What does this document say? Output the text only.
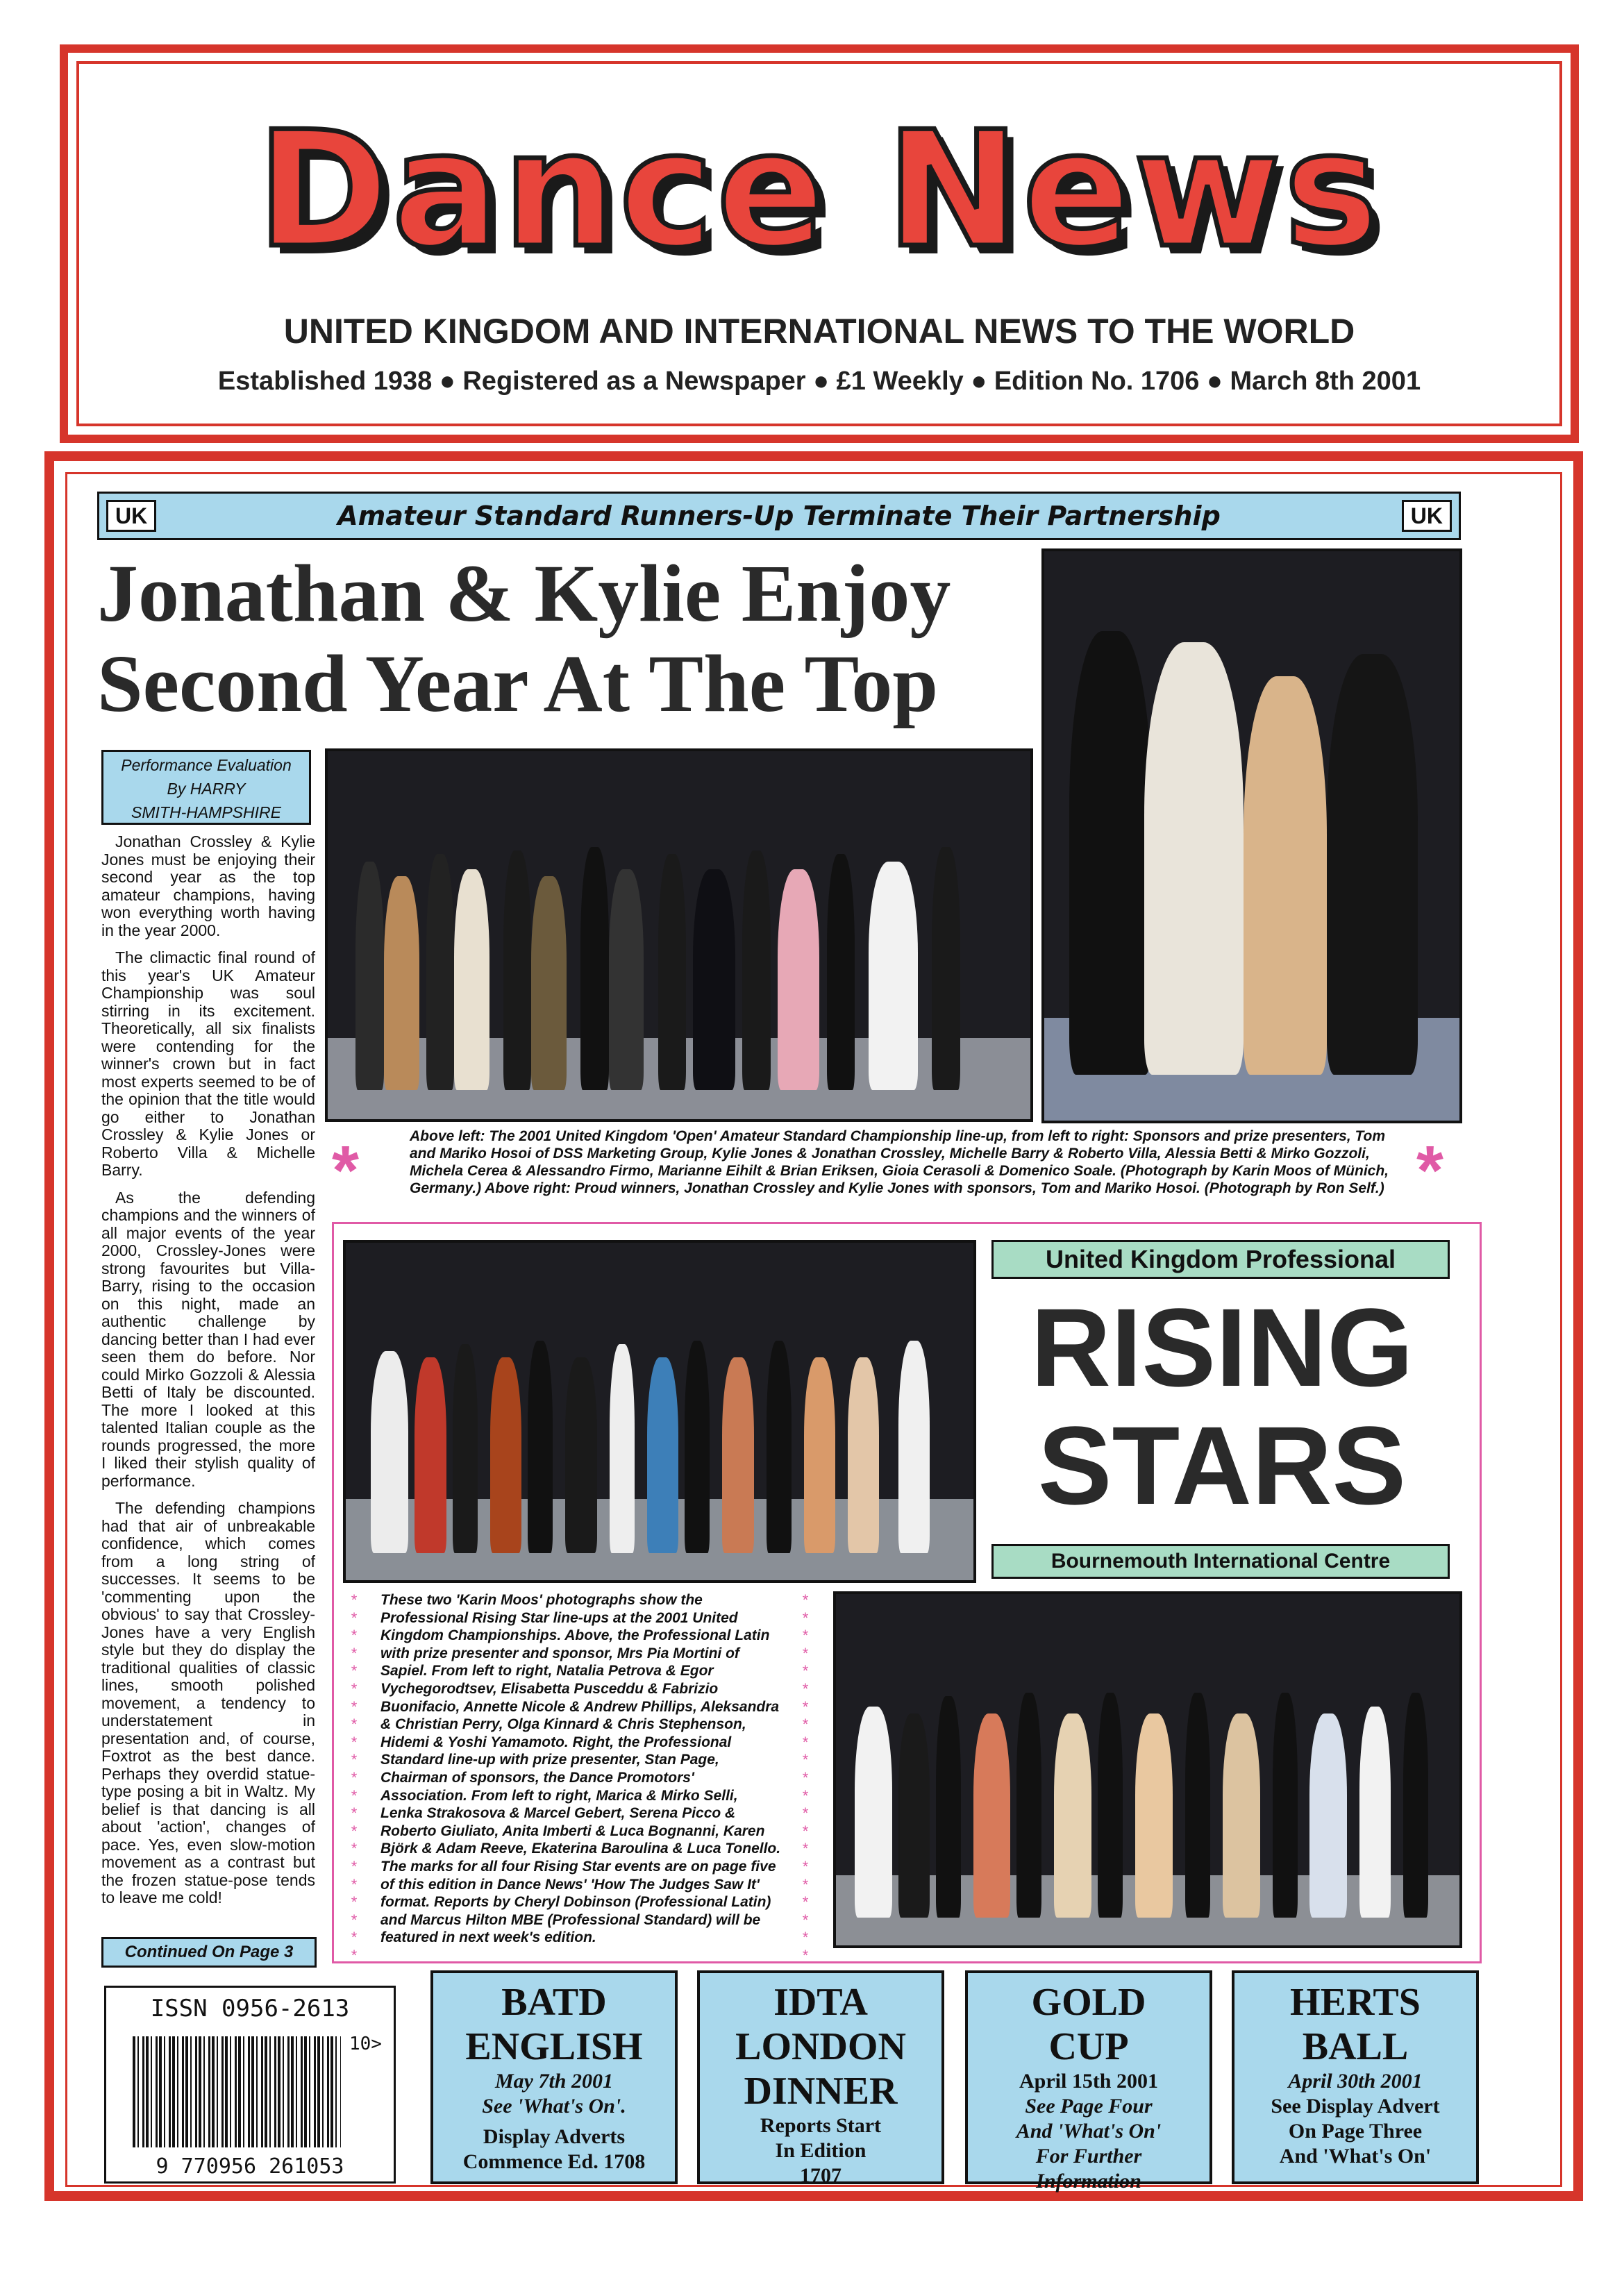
Dance News
UNITED KINGDOM AND INTERNATIONAL NEWS TO THE WORLD
Established 1938 ● Registered as a Newspaper ● £1 Weekly ● Edition No. 1706 ● March 8th 2001
UK	Amateur Standard Runners-Up Terminate Their Partnership	UK
Jonathan & Kylie Enjoy
Second Year At The Top
Performance Evaluation
By HARRY
SMITH-HAMPSHIRE

Jonathan Crossley & Kylie Jones must be enjoying their second year as the top amateur champions, having won everything worth having in the year 2000.

The climactic final round of this year's UK Amateur Championship was soul stirring in its excitement. Theoretically, all six finalists were contending for the winner's crown but in fact most experts seemed to be of the opinion that the title would go either to Jonathan Crossley & Kylie Jones or Roberto Villa & Michelle Barry.

As the defending champions and the winners of all major events of the year 2000, Crossley-Jones were strong favourites but Villa-Barry, rising to the occasion on this night, made an authentic challenge by dancing better than I had ever seen them do before. Nor could Mirko Gozzoli & Alessia Betti of Italy be discounted. The more I looked at this talented Italian couple as the rounds progressed, the more I liked their stylish quality of performance.

The defending champions had that air of unbreakable confidence, which comes from a long string of successes. It seems to be 'commenting upon the obvious' to say that Crossley-Jones have a very English style but they do display the traditional qualities of classic lines, smooth polished movement, a tendency to understatement in presentation and, of course, Foxtrot as the best dance. Perhaps they overdid statue-type posing a bit in Waltz. My belief is that dancing is all about 'action', changes of pace. Yes, even slow-motion movement as a contrast but the frozen statue-pose tends to leave me cold!

Continued On Page 3
*	Above left: The 2001 United Kingdom 'Open' Amateur Standard Championship line-up, from left to right: Sponsors and prize presenters, Tom and Mariko Hosoi of DSS Marketing Group, Kylie Jones & Jonathan Crossley, Michelle Barry & Roberto Villa, Alessia Betti & Mirko Gozzoli, Michela Cerea & Alessandro Firmo, Marianne Eihilt & Brian Eriksen, Gioia Cerasoli & Domenico Soale. (Photograph by Karin Moos of Münich, Germany.) Above right: Proud winners, Jonathan Crossley and Kylie Jones with sponsors, Tom and Mariko Hosoi. (Photograph by Ron Self.) *
United Kingdom Professional
RISING
STARS
Bournemouth International Centre
*
*
*
*
*
*
*
*
*
*
*
*
*
*
*
*
*
*
*
*
*
These two 'Karin Moos' photographs show the Professional Rising Star line-ups at the 2001 United Kingdom Championships. Above, the Professional Latin with prize presenter and sponsor, Mrs Pia Mortini of Sapiel. From left to right, Natalia Petrova & Egor Vychegorodtsev, Elisabetta Pusceddu & Fabrizio Buonifacio, Annette Nicole & Andrew Phillips, Aleksandra & Christian Perry, Olga Kinnard & Chris Stephenson, Hidemi & Yoshi Yamamoto. Right, the Professional Standard line-up with prize presenter, Stan Page, Chairman of sponsors, the Dance Promotors' Association. From left to right, Marica & Mirko Selli, Lenka Strakosova & Marcel Gebert, Serena Picco & Roberto Giuliato, Anita Imberti & Luca Bognanni, Karen Björk & Adam Reeve, Ekaterina Baroulina & Luca Tonello. The marks for all four Rising Star events are on page five of this edition in Dance News' 'How The Judges Saw It' format. Reports by Cheryl Dobinson (Professional Latin) and Marcus Hilton MBE (Professional Standard) will be featured in next week's edition.
*
*
*
*
*
*
*
*
*
*
*
*
*
*
*
*
*
*
*
*
*
ISSN 0956-2613
10>
9 770956 261053
BATD
ENGLISH
May 7th 2001
See 'What's On'.
Display Adverts
Commence Ed. 1708
IDTA
LONDON
DINNER
Reports Start
In Edition
1707
GOLD
CUP
April 15th 2001
See Page Four
And 'What's On'
For Further
Information
HERTS
BALL
April 30th 2001
See Display Advert
On Page Three
And 'What's On'
